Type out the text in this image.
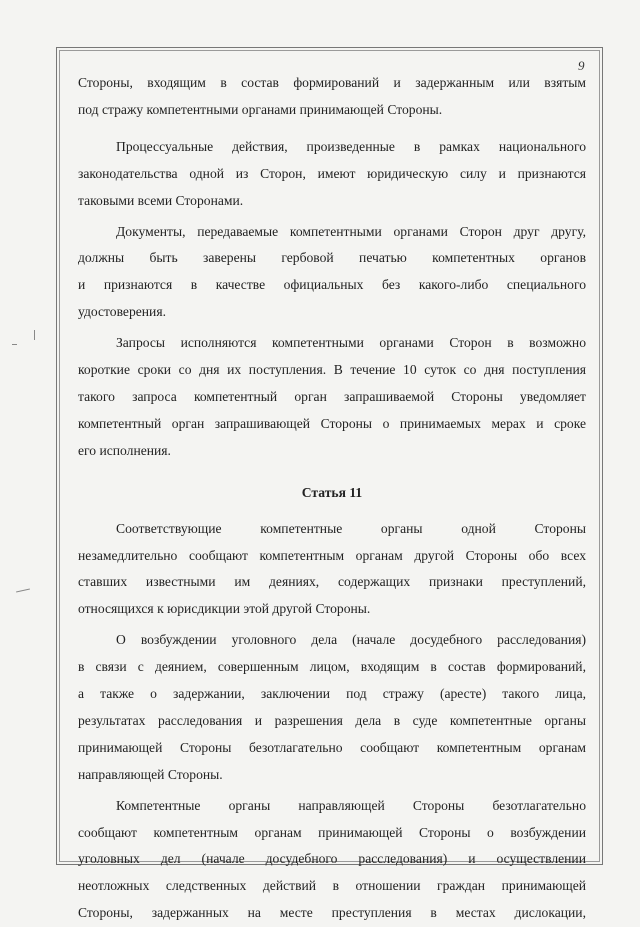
9
Стороны, входящим в состав формирований и задержанным или взятым
под стражу компетентными органами принимающей Стороны.
Процессуальные действия, произведенные в рамках национального
законодательства одной из Сторон, имеют юридическую силу и признаются
таковыми всеми Сторонами.
Документы, передаваемые компетентными органами Сторон друг другу,
должны быть заверены гербовой печатью компетентных органов
и признаются в качестве официальных без какого-либо специального
удостоверения.
Запросы исполняются компетентными органами Сторон в возможно
короткие сроки со дня их поступления. В течение 10 суток со дня поступления
такого запроса компетентный орган запрашиваемой Стороны уведомляет
компетентный орган запрашивающей Стороны о принимаемых мерах и сроке
его исполнения.
Статья 11
Соответствующие компетентные органы одной Стороны
незамедлительно сообщают компетентным органам другой Стороны обо всех
ставших известными им деяниях, содержащих признаки преступлений,
относящихся к юрисдикции этой другой Стороны.
О возбуждении уголовного дела (начале досудебного расследования)
в связи с деянием, совершенным лицом, входящим в состав формирований,
а также о задержании, заключении под стражу (аресте) такого лица,
результатах расследования и разрешения дела в суде компетентные органы
принимающей Стороны безотлагательно сообщают компетентным органам
направляющей Стороны.
Компетентные органы направляющей Стороны безотлагательно
сообщают компетентным органам принимающей Стороны о возбуждении
уголовных дел (начале досудебного расследования) и осуществлении
неотложных следственных действий в отношении граждан принимающей
Стороны, задержанных на месте преступления в местах дислокации,
